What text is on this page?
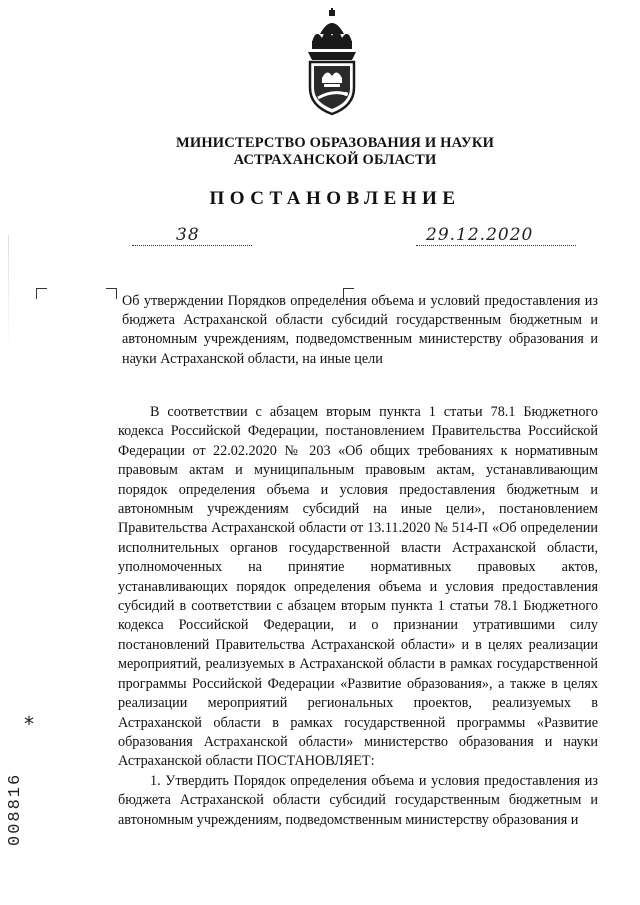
МИНИСТЕРСТВО ОБРАЗОВАНИЯ И НАУКИ
АСТРАХАНСКОЙ ОБЛАСТИ
ПОСТАНОВЛЕНИЕ
38	29.12.2020
Об утверждении Порядков определения объема и условий предоставления из бюджета Астраханской области субсидий государственным бюджетным и автономным учреждениям, подведомственным министерству образования и науки Астраханской области, на иные цели

В соответствии с абзацем вторым пункта 1 статьи 78.1 Бюджетного кодекса Российской Федерации, постановлением Правительства Российской Федерации от 22.02.2020 № 203 «Об общих требованиях к нормативным правовым актам и муниципальным правовым актам, устанавливающим порядок определения объема и условия предоставления бюджетным и автономным учреждениям субсидий на иные цели», постановлением Правительства Астраханской области от 13.11.2020 № 514-П «Об определении исполнительных органов государственной власти Астраханской области, уполномоченных на принятие нормативных правовых актов, устанавливающих порядок определения объема и условия предоставления субсидий в соответствии с абзацем вторым пункта 1 статьи 78.1 Бюджетного кодекса Российской Федерации, и о признании утратившими силу постановлений Правительства Астраханской области» и в целях реализации мероприятий, реализуемых в Астраханской области в рамках государственной программы Российской Федерации «Развитие образования», а также в целях реализации мероприятий региональных проектов, реализуемых в Астраханской области в рамках государственной программы «Развитие образования Астраханской области» министерство образования и науки Астраханской области ПОСТАНОВЛЯЕТ:

1. Утвердить Порядок определения объема и условия предоставления из бюджета Астраханской области субсидий государственным бюджетным и автономным учреждениям, подведомственным министерству образования и

*
008816
